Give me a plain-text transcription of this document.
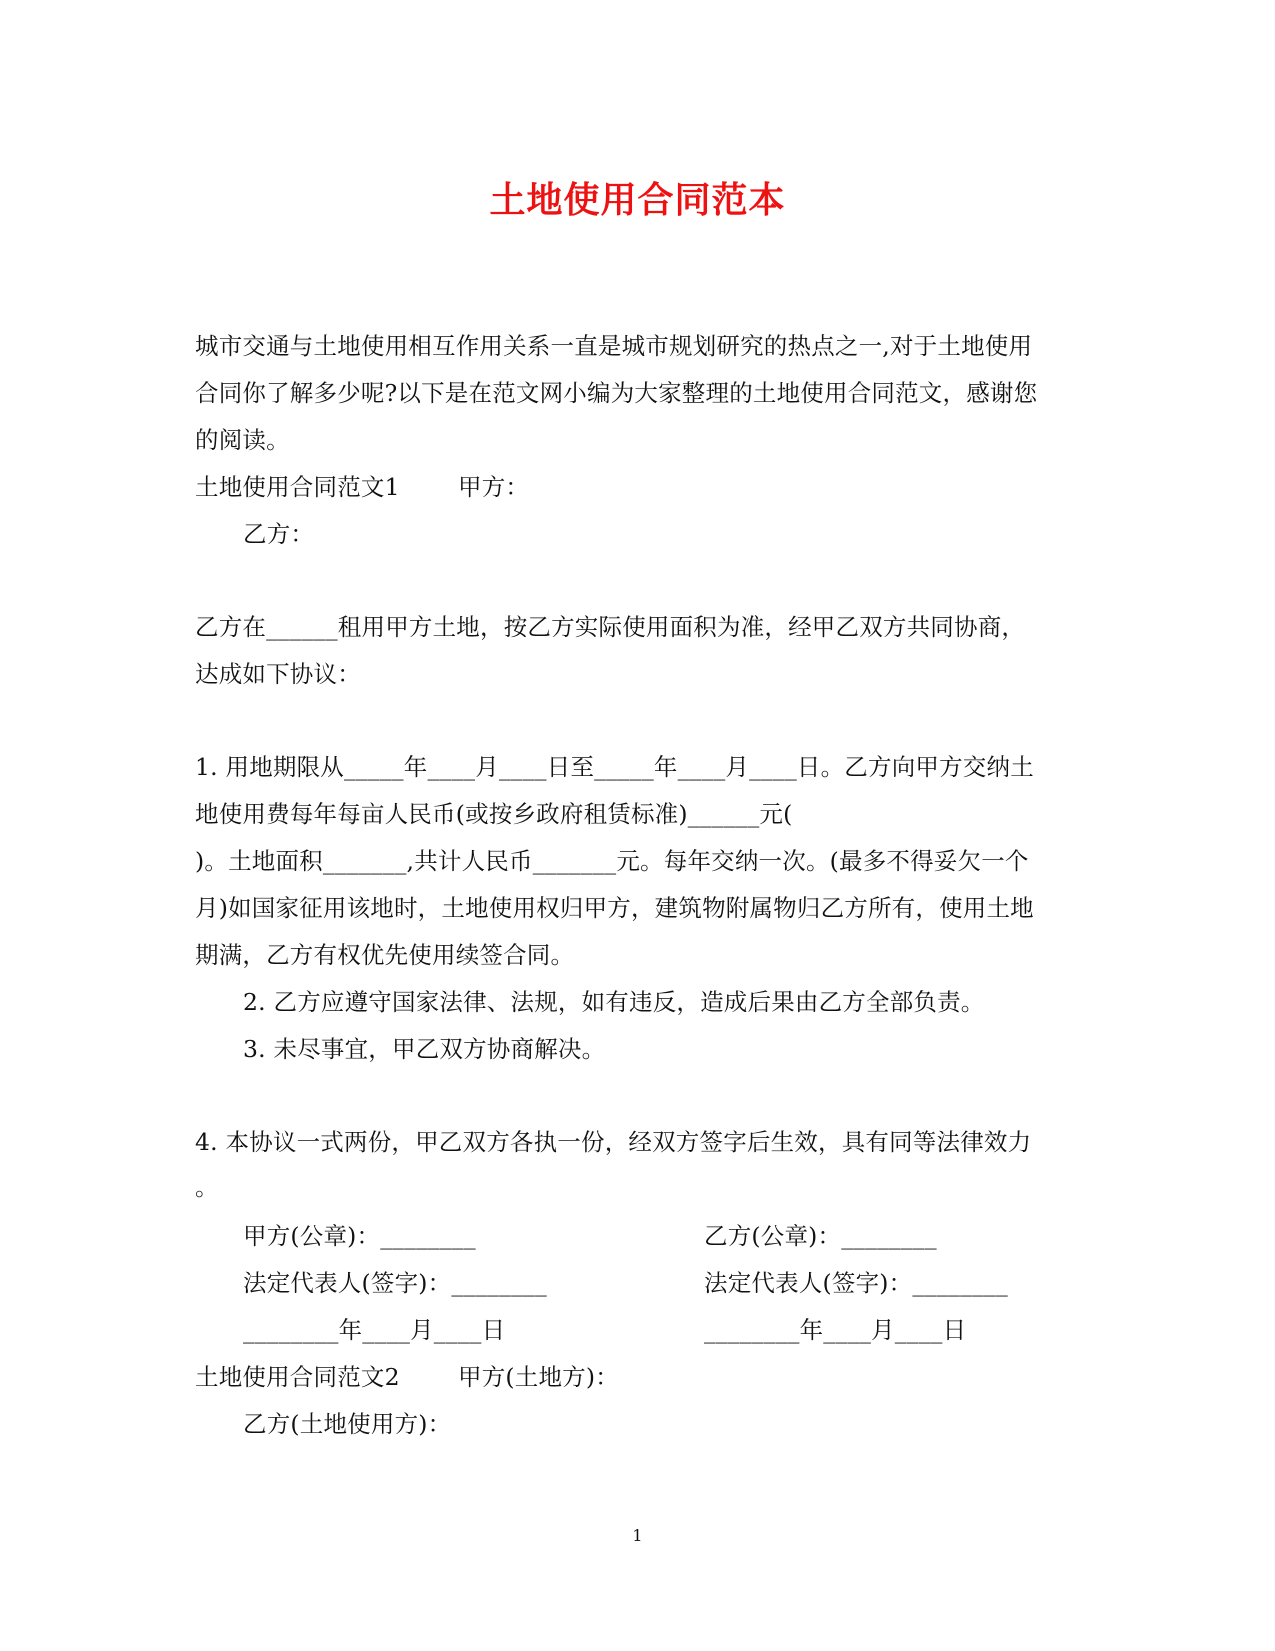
土地使用合同范本
城市交通与土地使用相互作用关系一直是城市规划研究的热点之一,对于土地使用
合同你了解多少呢?以下是在范文网小编为大家整理的土地使用合同范文，感谢您
的阅读。
土地使用合同范文1 甲方：
乙方：
乙方在______租用甲方土地，按乙方实际使用面积为准，经甲乙双方共同协商，
达成如下协议：
1. 用地期限从_____年____月____日至_____年____月____日。乙方向甲方交纳土
地使用费每年每亩人民币(或按乡政府租赁标准)______元(
)。土地面积_______,共计人民币_______元。每年交纳一次。(最多不得妥欠一个
月)如国家征用该地时，土地使用权归甲方，建筑物附属物归乙方所有，使用土地
期满，乙方有权优先使用续签合同。
2. 乙方应遵守国家法律、法规，如有违反，造成后果由乙方全部负责。
3. 未尽事宜，甲乙双方协商解决。
4. 本协议一式两份，甲乙双方各执一份，经双方签字后生效，具有同等法律效力
。
甲方(公章)：________	乙方(公章)：________
法定代表人(签字)：________	法定代表人(签字)：________
________年____月____日	________年____月____日
土地使用合同范文2 甲方(土地方)：
乙方(土地使用方)：
1
